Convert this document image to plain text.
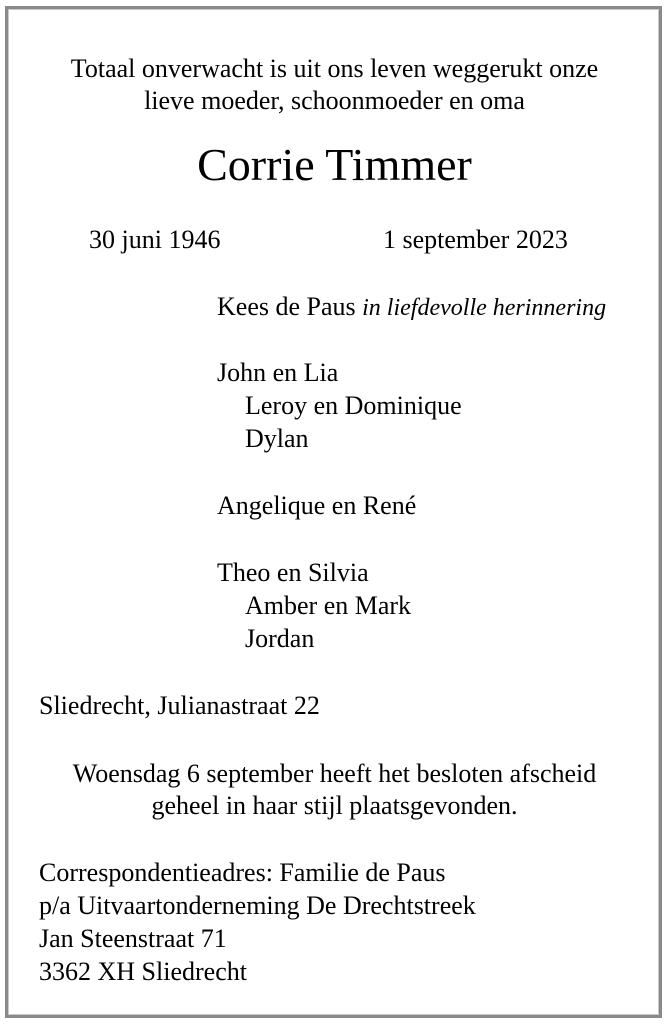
Totaal onverwacht is uit ons leven weggerukt onze
lieve moeder, schoonmoeder en oma
Corrie Timmer
30 juni 1946	1 september 2023
Kees de Paus in liefdevolle herinnering
John en Lia
Leroy en Dominique
Dylan
Angelique en René
Theo en Silvia
Amber en Mark
Jordan
Sliedrecht, Julianastraat 22
Woensdag 6 september heeft het besloten afscheid
geheel in haar stijl plaatsgevonden.
Correspondentieadres: Familie de Paus
p/a Uitvaartonderneming De Drechtstreek
Jan Steenstraat 71
3362 XH Sliedrecht
